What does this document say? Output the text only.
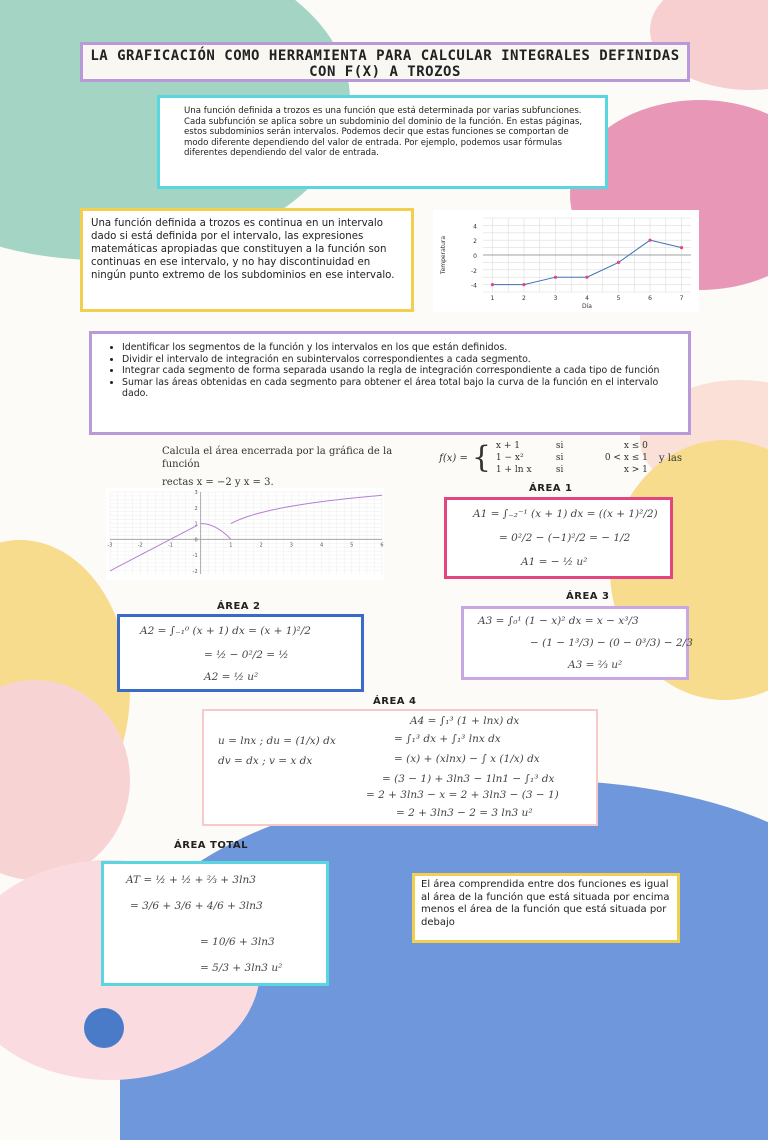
LA GRAFICACIÓN COMO HERRAMIENTA PARA CALCULAR INTEGRALES DEFINIDAS CON F(X) A TROZOS
Una función definida a trozos es una función que está determinada por varias subfunciones. Cada subfunción se aplica sobre un subdominio del dominio de la función. En estas páginas, estos subdominios serán intervalos. Podemos decir que estas funciones se comportan de modo diferente dependiendo del valor de entrada. Por ejemplo, podemos usar fórmulas diferentes dependiendo del valor de entrada.
Una función definida a trozos es continua en un intervalo dado si está definida por el intervalo, las expresiones matemáticas apropiadas que constituyen a la función son continuas en ese intervalo, y no hay discontinuidad en ningún punto extremo de los subdominios en ese intervalo.
4
2
0
-2
-4
1	2	3	4	5	6	7
Día
Temperatura
• Identificar los segmentos de la función y los intervalos en los que están definidos.
• Dividir el intervalo de integración en subintervalos correspondientes a cada segmento.
• Integrar cada segmento de forma separada usando la regla de integración correspondiente a cada tipo de función
• Sumar las áreas obtenidas en cada segmento para obtener el área total bajo la curva de la función en el intervalo dado.
Calcula el área encerrada por la gráfica de la función
f(x) = { x + 1	si	x ≤ 0
1 − x²	si	0 < x ≤ 1
1 + ln x	si	x > 1
y las
rectas x = −2 y x = 3.
-3	-2	-1	1	2	3	4	5	6
3
2
1
0
-1
-2
ÁREA 1
ÁREA 2
ÁREA 3
ÁREA 4
ÁREA TOTAL
A1 = ∫₋₂⁻¹ (x + 1) dx = ((x + 1)²/2)
= 0²/2 − (−1)²/2 = − 1/2
A1 = − ½ u²
A2 = ∫₋₁⁰ (x + 1) dx = (x + 1)²/2
= ½ − 0²/2 = ½
A2 = ½ u²
A3 = ∫₀¹ (1 − x)² dx = x − x³/3
− (1 − 1³/3) − (0 − 0³/3) − 2/3
A3 = ⅔ u²
u = lnx ; du = (1/x) dx
dv = dx ; v = x dx
A4 = ∫₁³ (1 + lnx) dx
= ∫₁³ dx + ∫₁³ lnx dx
= (x) + (xlnx) − ∫ x (1/x) dx
= (3 − 1) + 3ln3 − 1ln1 − ∫₁³ dx
= 2 + 3ln3 − x = 2 + 3ln3 − (3 − 1)
= 2 + 3ln3 − 2 = 3 ln3 u²
AT = ½ + ½ + ⅔ + 3ln3
= 3/6 + 3/6 + 4/6 + 3ln3
= 10/6 + 3ln3
= 5/3 + 3ln3 u²
El área comprendida entre dos funciones es igual al área de la función que está situada por encima menos el área de la función que está situada por debajo
